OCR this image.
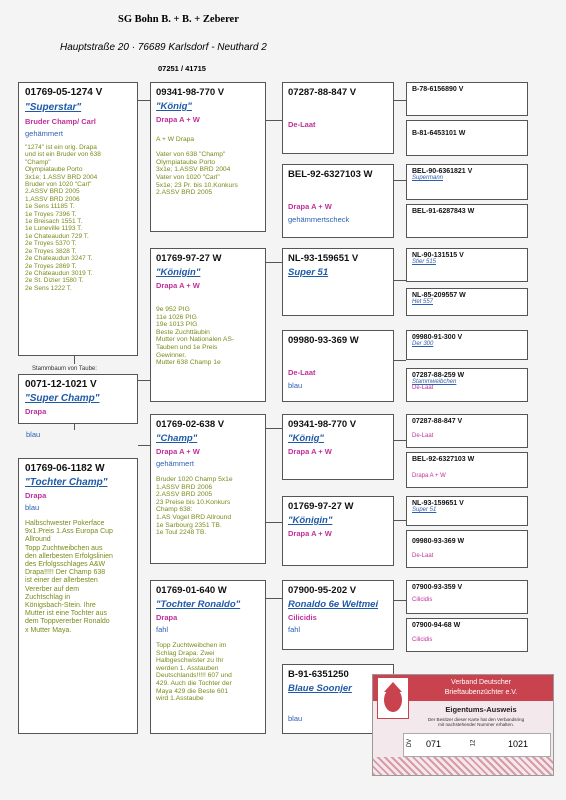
SG Bohn B. + B. + Zeberer
Hauptstraße 20 · 76689 Karlsdorf - Neuthard 2
07251 / 41715
01769-05-1274 V
"Superstar"
Bruder Champ/ Carl
gehämmert
"1274" ist ein orig. Drapa
und ist ein Bruder von 638
"Champ"
Olympiataube Porto
3x1e; 1.ASSV BRD 2004
Bruder von 1020 "Carl"
2.ASSV BRD 2005
1.ASSV BRD 2006
1e Sens 11185 T.
1e Troyes 7396 T.
1e Breisach 1551 T.
1e Luneville 1193 T.
1e Chateaudun 729 T.
2e Troyes 5370 T.
2e Troyes 3828 T.
2e Chateaudun 3247 T.
2e Troyes 2869 T.
2e Chateaudun 3019 T.
2e St. Dizier 1580 T.
2e Sens 1222 T.
Stammbaum von Taube:
0071-12-1021 V
"Super Champ"
Drapa
blau
01769-06-1182 W
"Tochter Champ"
Drapa
blau
Halbschwester Pokerface
9x1.Preis 1.Ass Europa Cup
Allround
Topp Zuchtweibchen aus
den allerbesten Erfolgslinien
des Erfolgsschlages A&W
Drapa!!!!! Der Champ 638
ist einer der allerbesten
Vererber auf dem
Zuchtschlag in
Königsbach-Stein. Ihre
Mutter ist eine Tochter aus
dem Toppvererber Ronaldo
x Mutter Maya.
09341-98-770 V
"König"
Drapa A + W
A + W Drapa

Vater von 638 "Champ"
Olympiataube Porto
3x1e; 1.ASSV BRD 2004
Vater von 1020 "Carl"
5x1e; 23 Pr. bis 10.Konkurs
2.ASSV BRD 2005
01769-97-27 W
"Königin"
Drapa A + W
9e 952 PIG
11e 1026 PIG
19e 1013 PIG
Beste Zuchttäubin
Mutter von Nationalen AS-
Tauben und 1e Preis
Gewinner.
Mutter 638 Champ 1e
01769-02-638 V
"Champ"
Drapa A + W
gehämmert
Bruder 1020 Champ 5x1e
1.ASSV BRD 2006
2.ASSV BRD 2005
23 Preise bis 10.Konkurs
Champ 638:
1.AS Vogel BRD Allround
1e Sarbourg 2351 TB.
1e Toul 2248 TB.
01769-01-640 W
"Tochter Ronaldo"
Drapa
fahl
Topp Zuchtweibchen im
Schlag Drapa. Zwei
Halbgeschwister zu Ihr
werden 1. Asstauben
Deutschlands!!!!! 607 und
429. Auch die Tochter der
Maya 429 die Beste 601
wird 1.Asstaube
07287-88-847 V
De-Laat
BEL-92-6327103 W
Drapa A + W
gehämmertscheck
NL-93-159651 V
Super 51
09980-93-369 W
De-Laat
blau
09341-98-770 V
"König"
Drapa A + W
01769-97-27 W
"Königin"
Drapa A + W
07900-95-202 V
Ronaldo 6e Weltmei
Cilicidis
fahl
B-91-6351250
Blaue Soonjer
blau
B-78-6156890 V
B-81-6453101 W
BEL-90-6361821 V
Supermann
BEL-91-6287843 W
NL-90-131515 V
Stier 515
NL-85-209557 W
Het 557
09980-91-300 V
Der 300
07287-88-259 W
Stammweibchen
De-Laat
07287-88-847 V
De-Laat
BEL-92-6327103 W
Drapa A + W
NL-93-159651 V
Super 51
09980-93-369 W
De-Laat
07900-93-359 V
Cilicidis
07900-94-68 W
Cilicidis
Verband Deutscher
Brieftaubenzüchter e.V.
Eigentums-Ausweis
Der Besitzer dieser Karte hat den Verbandsring
mit nachstehender Nummer erhalten.
DV 071	12	1021
